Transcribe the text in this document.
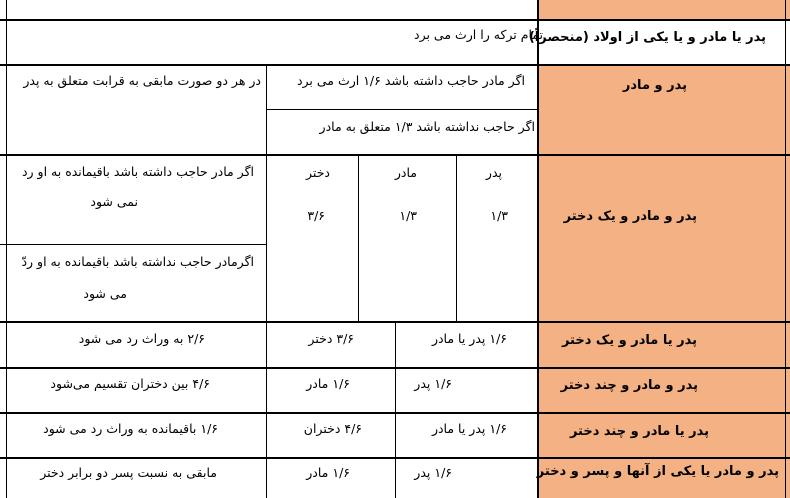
پدر یا مادر و یا یکی از اولاد (منحصراً)
تمام ترکه را ارث می برد
پدر و مادر
اگر مادر حاجب داشته باشد ۱/۶ ارث می برد
اگر حاجب نداشته باشد ۱/۳ متعلق به مادر
در هر دو صورت مابقی به قرابت متعلق به پدر
پدر و مادر و یک دختر
پدر
۱/۳
مادر
۱/۳
دختر
۳/۶
اگر مادر حاجب داشته باشد باقیمانده به او رد
نمی شود
اگرمادر حاجب نداشته باشد باقیمانده به او ردّ
می شود
پدر یا مادر و یک دختر
۱/۶ پدر یا مادر
۳/۶ دختر
۲/۶ به وراث رد می شود
پدر و مادر و چند دختر
۱/۶ پدر
۱/۶ مادر
۴/۶ بین دختران تقسیم می‌شود
پدر یا مادر و چند دختر
۱/۶ پدر یا مادر
۴/۶ دختران
۱/۶ باقیمانده به وراث رد می شود
پدر و مادر یا یکی از آنها و پسر و دختر
۱/۶ پدر
۱/۶ مادر
مابقی به نسبت پسر دو برابر دختر
